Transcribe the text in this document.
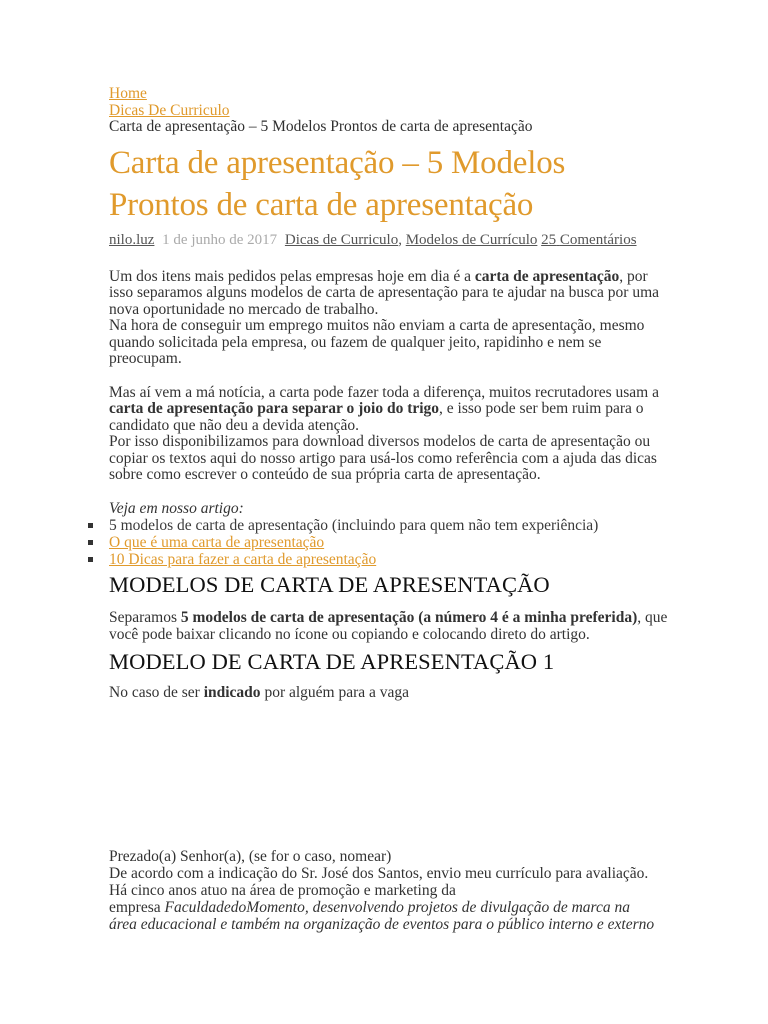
Home
Dicas De Curriculo
Carta de apresentação – 5 Modelos Prontos de carta de apresentação
Carta de apresentação – 5 Modelos Prontos de carta de apresentação
nilo.luz 1 de junho de 2017 Dicas de Curriculo, Modelos de Currículo 25 Comentários

Um dos itens mais pedidos pelas empresas hoje em dia é a carta de apresentação, por isso separamos alguns modelos de carta de apresentação para te ajudar na busca por uma nova oportunidade no mercado de trabalho.

Na hora de conseguir um emprego muitos não enviam a carta de apresentação, mesmo quando solicitada pela empresa, ou fazem de qualquer jeito, rapidinho e nem se preocupam.

Mas aí vem a má notícia, a carta pode fazer toda a diferença, muitos recrutadores usam a carta de apresentação para separar o joio do trigo, e isso pode ser bem ruim para o candidato que não deu a devida atenção.

Por isso disponibilizamos para download diversos modelos de carta de apresentação ou copiar os textos aqui do nosso artigo para usá-los como referência com a ajuda das dicas sobre como escrever o conteúdo de sua própria carta de apresentação.

Veja em nosso artigo:
5 modelos de carta de apresentação (incluindo para quem não tem experiência)
O que é uma carta de apresentação
10 Dicas para fazer a carta de apresentação
MODELOS DE CARTA DE APRESENTAÇÃO

Separamos 5 modelos de carta de apresentação (a número 4 é a minha preferida), que você pode baixar clicando no ícone ou copiando e colocando direto do artigo.

MODELO DE CARTA DE APRESENTAÇÃO 1

No caso de ser indicado por alguém para a vaga

Prezado(a) Senhor(a), (se for o caso, nomear)
De acordo com a indicação do Sr. José dos Santos, envio meu currículo para avaliação.
Há cinco anos atuo na área de promoção e marketing da
empresa FaculdadedoMomento, desenvolvendo projetos de divulgação de marca na
área educacional e também na organização de eventos para o público interno e externo
